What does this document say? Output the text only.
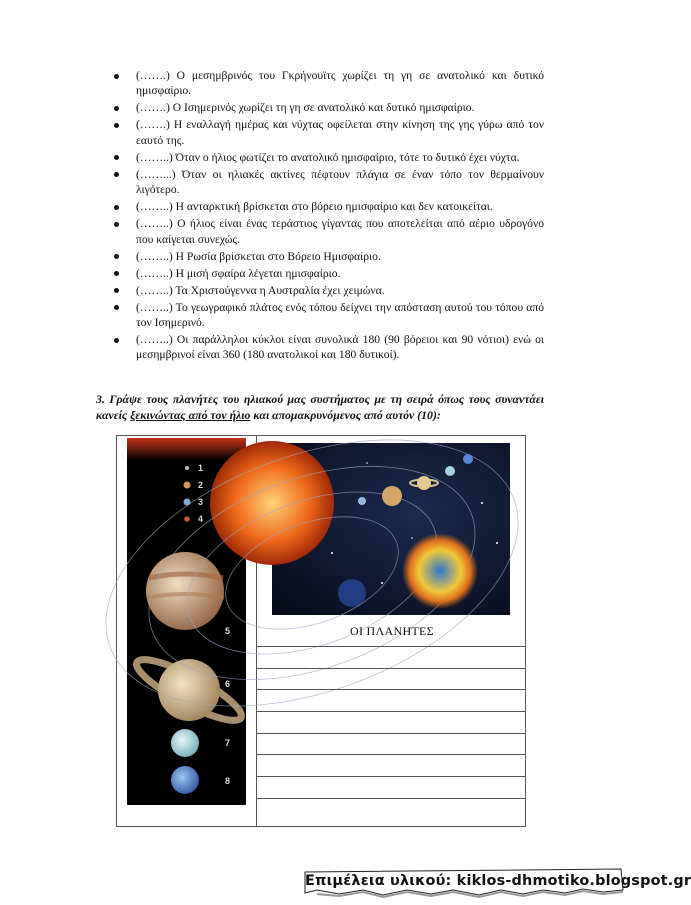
(…….) Ο μεσημβρινός του Γκρήνουϊτς χωρίζει τη γη σε ανατολικό και δυτικό ημισφαίριο.
(…….) Ο Ισημερινός χωρίζει τη γη σε ανατολικό και δυτικό ημισφαίριο.
(…….) Η εναλλαγή ημέρας και νύχτας οφείλεται στην κίνηση της γης γύρω από τον εαυτό της.
(……..) Όταν ο ήλιος φωτίζει το ανατολικό ημισφαίριο, τότε το δυτικό έχει νύχτα.
(……...) Όταν οι ηλιακές ακτίνες πέφτουν πλάγια σε έναν τόπο τον θερμαίνουν λιγότερο.
(……..) Η ανταρκτική βρίσκεται στο βόρειο ημισφαίριο και δεν κατοικείται.
(……..) Ο ήλιος είναι ένας τεράστιος γίγαντας που αποτελείται από αέριο υδρογόνο που καίγεται συνεχώς.
(……..) Η Ρωσία βρίσκεται στο Βόρειο Ημισφαίριο.
(……..) Η μισή σφαίρα λέγεται ημισφαίριο.
(……..) Τα Χριστούγεννα η Αυστραλία έχει χειμώνα.
(……..) Το γεωγραφικό πλάτος ενός τόπου δείχνει την απόσταση αυτού του τόπου από τον Ισημερινό.
(……..) Οι παράλληλοι κύκλοι είναι συνολικά 180 (90 βόρειοι και 90 νότιοι) ενώ οι μεσημβρινοί είναι 360 (180 ανατολικοί και 180 δυτικοί).

3. Γράψε τους πλανήτες του ηλιακού μας συστήματος με τη σειρά όπως τους συναντάει κανείς ξεκινώντας από τον ήλιο και απομακρυνόμενος από αυτόν (10):

1
2
3
4
5
6
7
8

ΟΙ ΠΛΑΝΗΤΕΣ

Επιμέλεια υλικού: kiklos-dhmotiko.blogspot.gr
